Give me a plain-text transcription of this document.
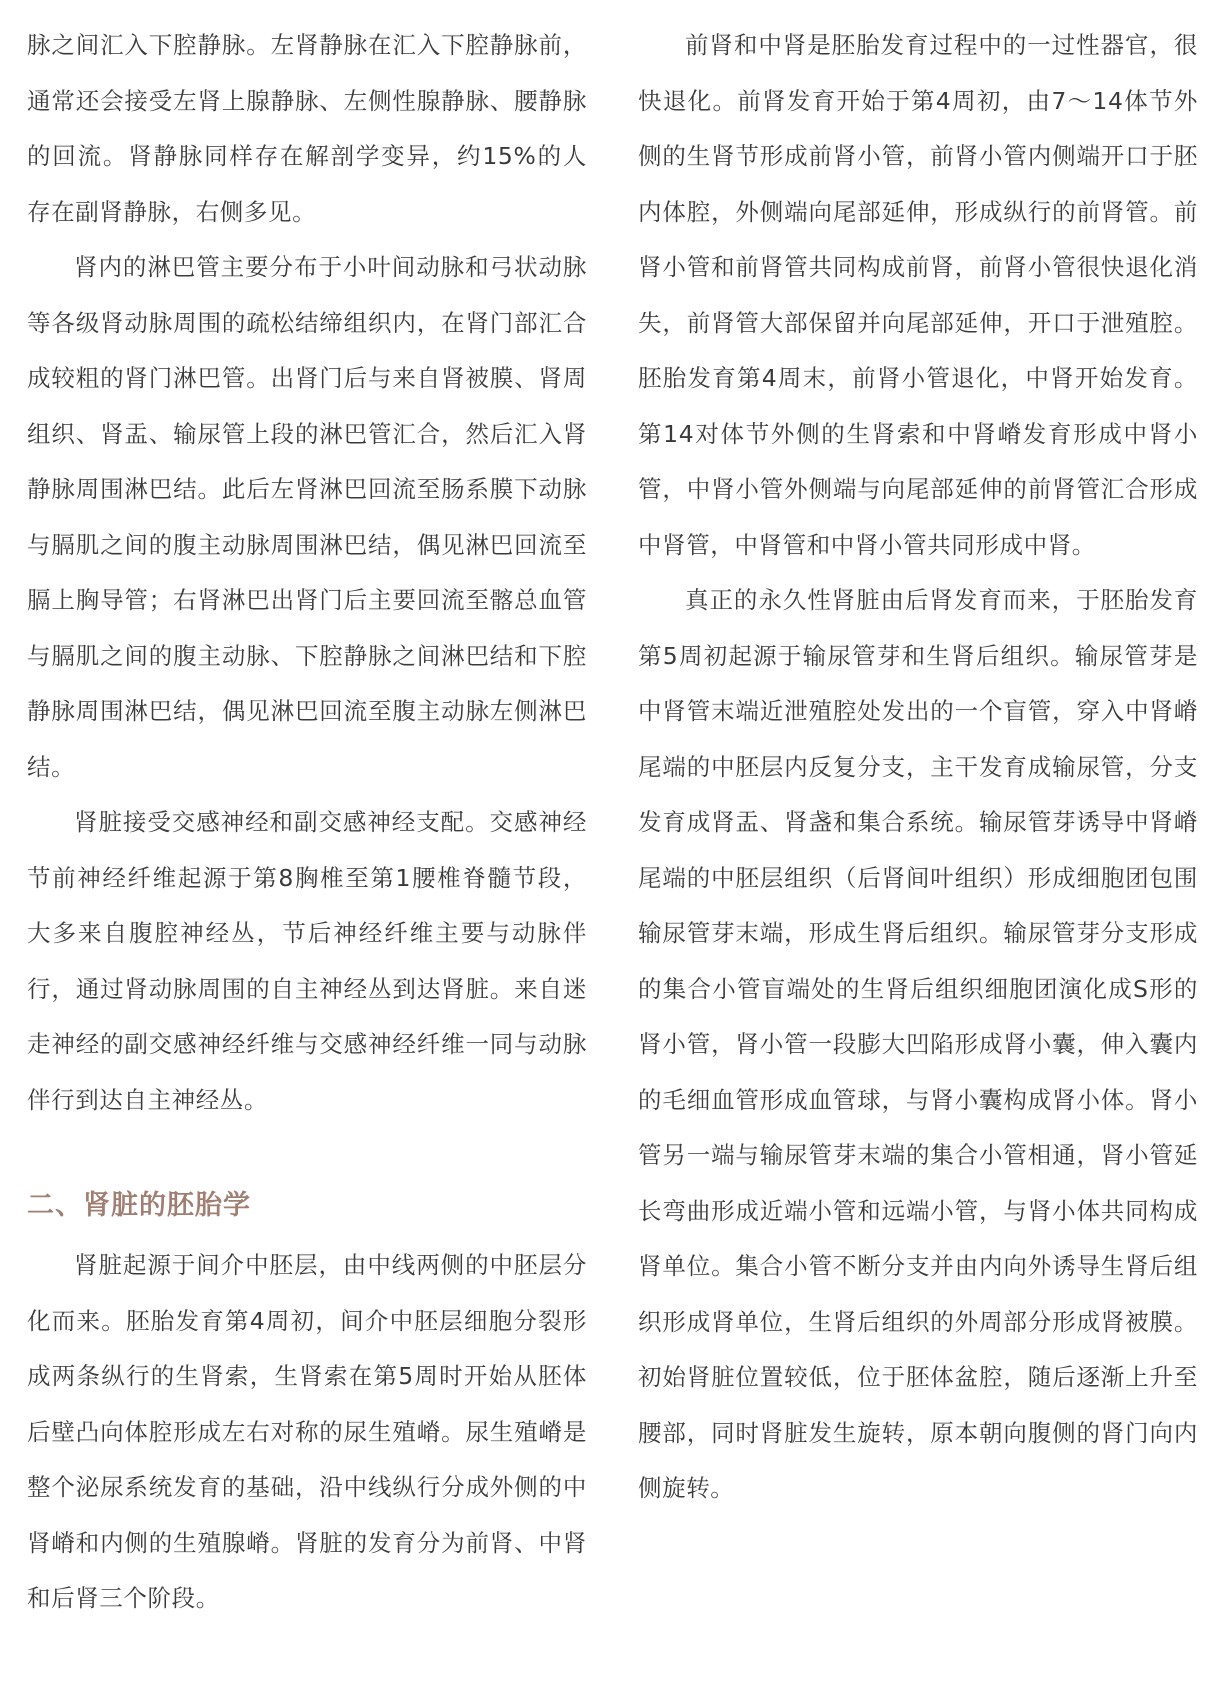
脉之间汇入下腔静脉。左肾静脉在汇入下腔静脉前，通常还会接受左肾上腺静脉、左侧性腺静脉、腰静脉的回流。肾静脉同样存在解剖学变异，约15%的人存在副肾静脉，右侧多见。

肾内的淋巴管主要分布于小叶间动脉和弓状动脉等各级肾动脉周围的疏松结缔组织内，在肾门部汇合成较粗的肾门淋巴管。出肾门后与来自肾被膜、肾周组织、肾盂、输尿管上段的淋巴管汇合，然后汇入肾静脉周围淋巴结。此后左肾淋巴回流至肠系膜下动脉与膈肌之间的腹主动脉周围淋巴结，偶见淋巴回流至膈上胸导管；右肾淋巴出肾门后主要回流至髂总血管与膈肌之间的腹主动脉、下腔静脉之间淋巴结和下腔静脉周围淋巴结，偶见淋巴回流至腹主动脉左侧淋巴结。

肾脏接受交感神经和副交感神经支配。交感神经节前神经纤维起源于第8胸椎至第1腰椎脊髓节段，大多来自腹腔神经丛，节后神经纤维主要与动脉伴行，通过肾动脉周围的自主神经丛到达肾脏。来自迷走神经的副交感神经纤维与交感神经纤维一同与动脉伴行到达自主神经丛。

二、肾脏的胚胎学

肾脏起源于间介中胚层，由中线两侧的中胚层分化而来。胚胎发育第4周初，间介中胚层细胞分裂形成两条纵行的生肾索，生肾索在第5周时开始从胚体后壁凸向体腔形成左右对称的尿生殖嵴。尿生殖嵴是整个泌尿系统发育的基础，沿中线纵行分成外侧的中肾嵴和内侧的生殖腺嵴。肾脏的发育分为前肾、中肾和后肾三个阶段。

前肾和中肾是胚胎发育过程中的一过性器官，很快退化。前肾发育开始于第4周初，由7～14体节外侧的生肾节形成前肾小管，前肾小管内侧端开口于胚内体腔，外侧端向尾部延伸，形成纵行的前肾管。前肾小管和前肾管共同构成前肾，前肾小管很快退化消失，前肾管大部保留并向尾部延伸，开口于泄殖腔。胚胎发育第4周末，前肾小管退化，中肾开始发育。第14对体节外侧的生肾索和中肾嵴发育形成中肾小管，中肾小管外侧端与向尾部延伸的前肾管汇合形成中肾管，中肾管和中肾小管共同形成中肾。

真正的永久性肾脏由后肾发育而来，于胚胎发育第5周初起源于输尿管芽和生肾后组织。输尿管芽是中肾管末端近泄殖腔处发出的一个盲管，穿入中肾嵴尾端的中胚层内反复分支，主干发育成输尿管，分支发育成肾盂、肾盏和集合系统。输尿管芽诱导中肾嵴尾端的中胚层组织（后肾间叶组织）形成细胞团包围输尿管芽末端，形成生肾后组织。输尿管芽分支形成的集合小管盲端处的生肾后组织细胞团演化成S形的肾小管，肾小管一段膨大凹陷形成肾小囊，伸入囊内的毛细血管形成血管球，与肾小囊构成肾小体。肾小管另一端与输尿管芽末端的集合小管相通，肾小管延长弯曲形成近端小管和远端小管，与肾小体共同构成肾单位。集合小管不断分支并由内向外诱导生肾后组织形成肾单位，生肾后组织的外周部分形成肾被膜。初始肾脏位置较低，位于胚体盆腔，随后逐渐上升至腰部，同时肾脏发生旋转，原本朝向腹侧的肾门向内侧旋转。
